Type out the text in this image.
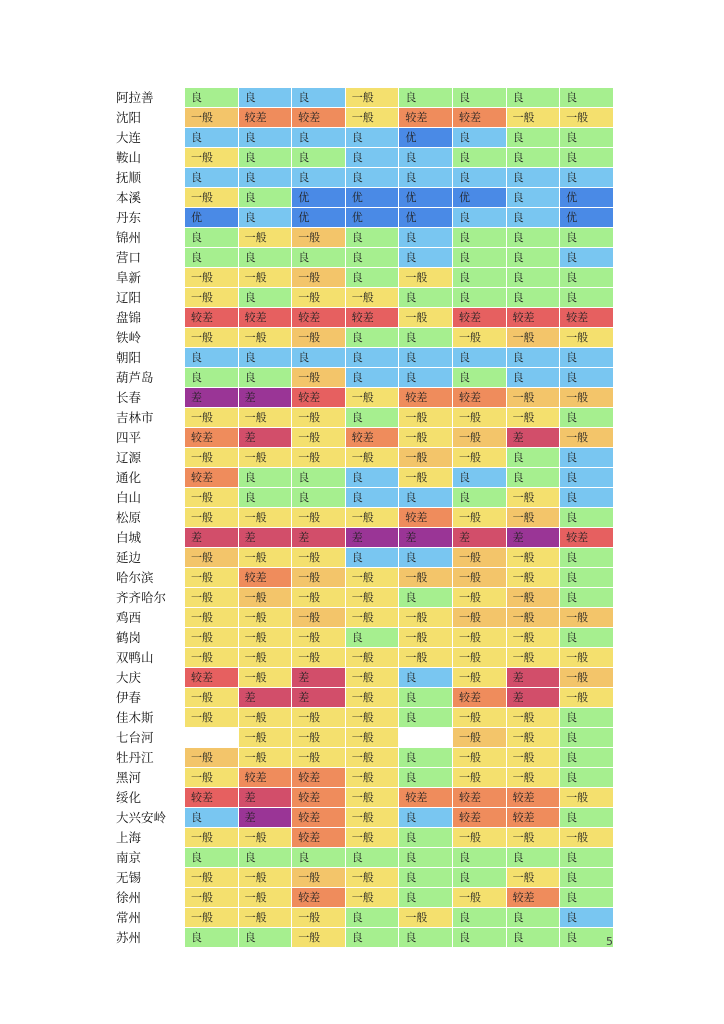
阿拉善	良	良	良	一般	良	良	良	良
沈阳	一般	较差	较差	一般	较差	较差	一般	一般
大连	良	良	良	良	优	良	良	良
鞍山	一般	良	良	良	良	良	良	良
抚顺	良	良	良	良	良	良	良	良
本溪	一般	良	优	优	优	优	良	优
丹东	优	良	优	优	优	良	良	优
锦州	良	一般	一般	良	良	良	良	良
营口	良	良	良	良	良	良	良	良
阜新	一般	一般	一般	良	一般	良	良	良
辽阳	一般	良	一般	一般	良	良	良	良
盘锦	较差	较差	较差	较差	一般	较差	较差	较差
铁岭	一般	一般	一般	良	良	一般	一般	一般
朝阳	良	良	良	良	良	良	良	良
葫芦岛	良	良	一般	良	良	良	良	良
长春	差	差	较差	一般	较差	较差	一般	一般
吉林市	一般	一般	一般	良	一般	一般	一般	良
四平	较差	差	一般	较差	一般	一般	差	一般
辽源	一般	一般	一般	一般	一般	一般	良	良
通化	较差	良	良	良	一般	良	良	良
白山	一般	良	良	良	良	良	一般	良
松原	一般	一般	一般	一般	较差	一般	一般	良
白城	差	差	差	差	差	差	差	较差
延边	一般	一般	一般	良	良	一般	一般	良
哈尔滨	一般	较差	一般	一般	一般	一般	一般	良
齐齐哈尔	一般	一般	一般	一般	良	一般	一般	良
鸡西	一般	一般	一般	一般	一般	一般	一般	一般
鹤岗	一般	一般	一般	良	一般	一般	一般	良
双鸭山	一般	一般	一般	一般	一般	一般	一般	一般
大庆	较差	一般	差	一般	良	一般	差	一般
伊春	一般	差	差	一般	良	较差	差	一般
佳木斯	一般	一般	一般	一般	良	一般	一般	良
七台河		一般	一般	一般		一般	一般	良
牡丹江	一般	一般	一般	一般	良	一般	一般	良
黑河	一般	较差	较差	一般	良	一般	一般	良
绥化	较差	差	较差	一般	较差	较差	较差	一般
大兴安岭	良	差	较差	一般	良	较差	较差	良
上海	一般	一般	较差	一般	良	一般	一般	一般
南京	良	良	良	良	良	良	良	良
无锡	一般	一般	一般	一般	良	良	一般	良
徐州	一般	一般	较差	一般	良	一般	较差	良
常州	一般	一般	一般	良	一般	良	良	良
苏州	良	良	一般	良	良	良	良	良	5
